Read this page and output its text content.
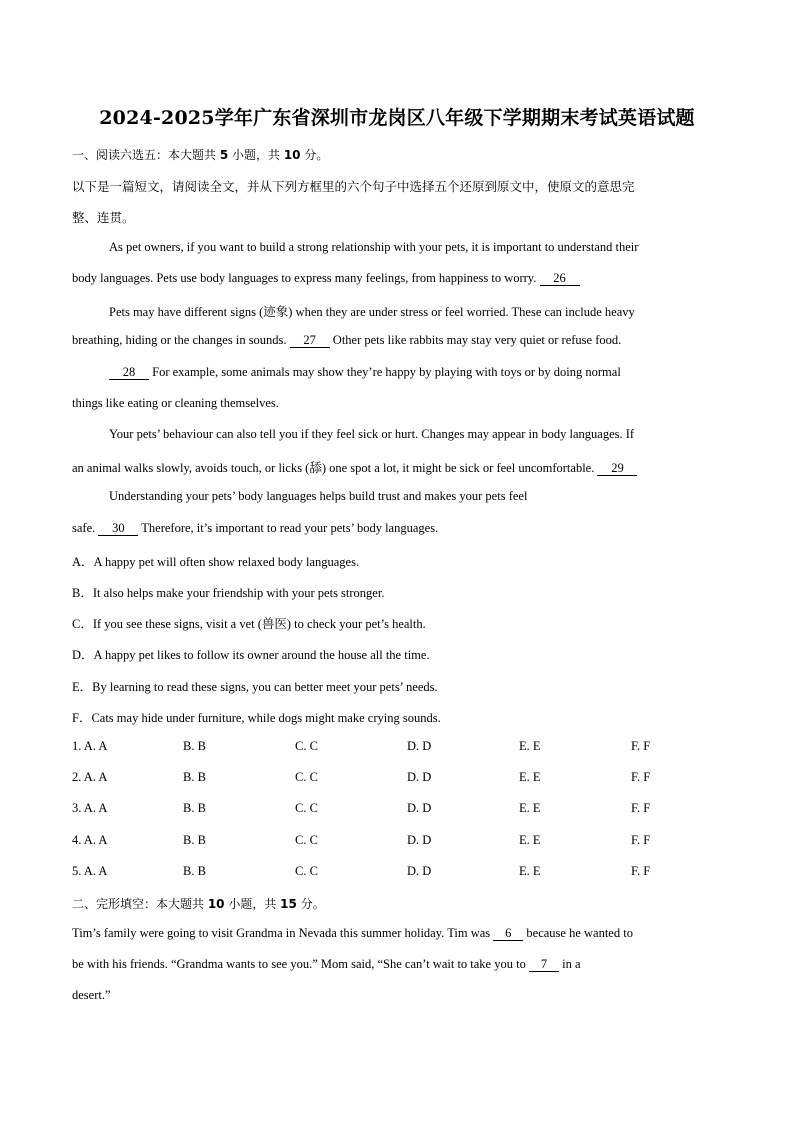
2024-2025学年广东省深圳市龙岗区八年级下学期期末考试英语试题
一、阅读六选五：本大题共 5 小题，共 10 分。
以下是一篇短文，请阅读全文，并从下列方框里的六个句子中选择五个还原到原文中，使原文的意思完
整、连贯。
As pet owners, if you want to build a strong relationship with your pets, it is important to understand their
body languages. Pets use body languages to express many feelings, from happiness to worry. 26
Pets may have different signs (迹象) when they are under stress or feel worried. These can include heavy
breathing, hiding or the changes in sounds. 27 Other pets like rabbits may stay very quiet or refuse food.
28 For example, some animals may show they’re happy by playing with toys or by doing normal
things like eating or cleaning themselves.
Your pets’ behaviour can also tell you if they feel sick or hurt. Changes may appear in body languages. If
an animal walks slowly, avoids touch, or licks (舔) one spot a lot, it might be sick or feel uncomfortable. 29
Understanding your pets’ body languages helps build trust and makes your pets feel
safe. 30 Therefore, it’s important to read your pets’ body languages.
A．A happy pet will often show relaxed body languages.
B．It also helps make your friendship with your pets stronger.
C．If you see these signs, visit a vet (兽医) to check your pet’s health.
D．A happy pet likes to follow its owner around the house all the time.
E．By learning to read these signs, you can better meet your pets’ needs.
F．Cats may hide under furniture, while dogs might make crying sounds.
1. A. A	B. B	C. C	D. D	E. E	F. F
2. A. A	B. B	C. C	D. D	E. E	F. F
3. A. A	B. B	C. C	D. D	E. E	F. F
4. A. A	B. B	C. C	D. D	E. E	F. F
5. A. A	B. B	C. C	D. D	E. E	F. F
二、完形填空：本大题共 10 小题，共 15 分。
Tim’s family were going to visit Grandma in Nevada this summer holiday. Tim was 6 because he wanted to
be with his friends. “Grandma wants to see you.” Mom said, “She can’t wait to take you to 7 in a
desert.”
